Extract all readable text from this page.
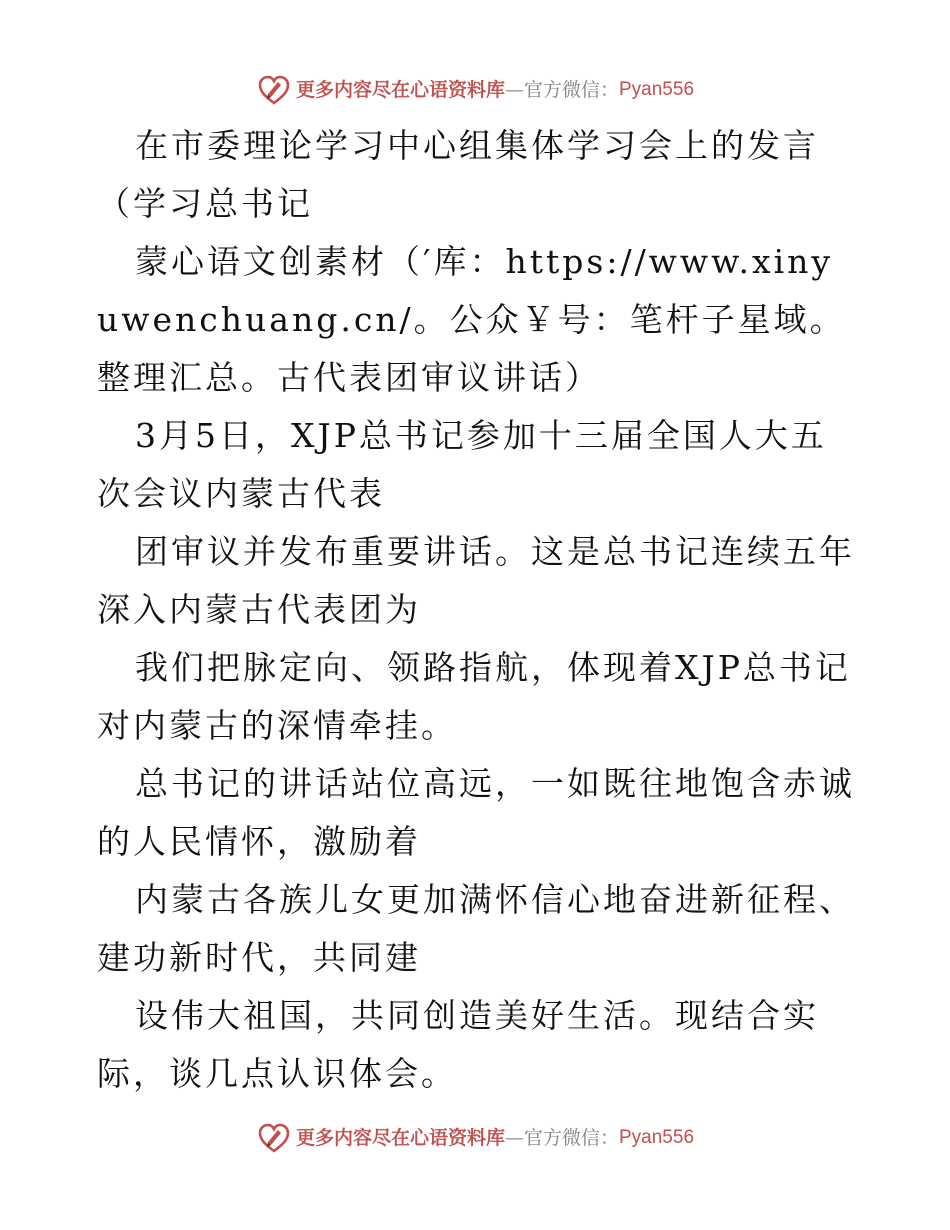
更多内容尽在心语资料库 — 官方微信： Pyan556

在市委理论学习中心组集体学习会上的发言（学习总书记

蒙心语文创素材（′库：https://www.xinyuwenchuang.cn/。公众￥号：笔杆子星域。整理汇总。古代表团审议讲话）

3月5日，XJP总书记参加十三届全国人大五次会议内蒙古代表

团审议并发布重要讲话。这是总书记连续五年深入内蒙古代表团为

我们把脉定向、领路指航，体现着XJP总书记对内蒙古的深情牵挂。

总书记的讲话站位高远，一如既往地饱含赤诚的人民情怀，激励着

内蒙古各族儿女更加满怀信心地奋进新征程、建功新时代，共同建

设伟大祖国，共同创造美好生活。现结合实际，谈几点认识体会。

更多内容尽在心语资料库 — 官方微信： Pyan556
